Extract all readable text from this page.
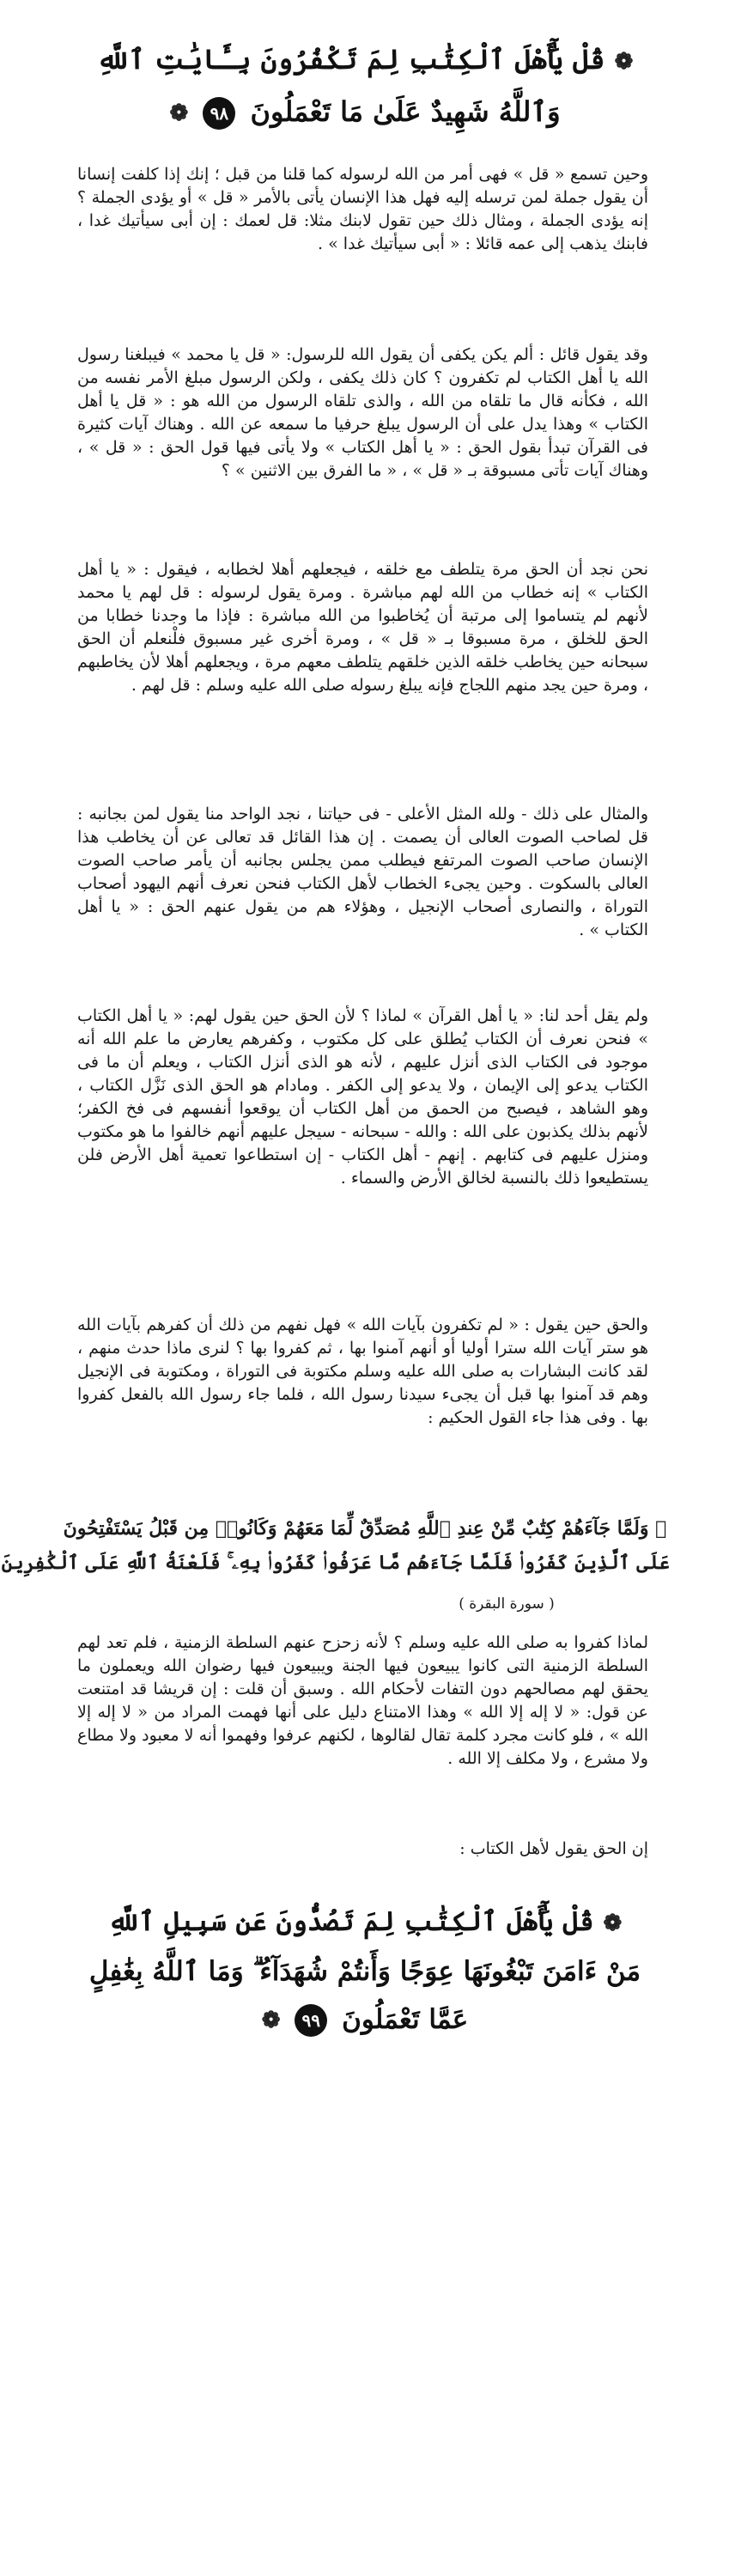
❁ قُلْ يَٰٓأَهْلَ ٱلْكِتَٰبِ لِمَ تَكْفُرُونَ بِـَٔايَٰتِ ٱللَّهِ
وَٱللَّهُ شَهِيدٌ عَلَىٰ مَا تَعْمَلُونَ ٩٨ ❁

وحين تسمع « قل » فهى أمر من الله لرسوله كما قلنا من قبل ؛ إنك إذا كلفت إنسانا أن يقول جملة لمن ترسله إليه فهل هذا الإنسان يأتى بالأمر « قل » أو يؤدى الجملة ؟ إنه يؤدى الجملة ، ومثال ذلك حين تقول لابنك مثلا: قل لعمك : إن أبى سيأتيك غدا ، فابنك يذهب إلى عمه قائلا : « أبى سيأتيك غدا » .

وقد يقول قائل : ألم يكن يكفى أن يقول الله للرسول: « قل يا محمد » فيبلغنا رسول الله يا أهل الكتاب لم تكفرون ؟ كان ذلك يكفى ، ولكن الرسول مبلغ الأمر نفسه من الله ، فكأنه قال ما تلقاه من الله ، والذى تلقاه الرسول من الله هو : « قل يا أهل الكتاب » وهذا يدل على أن الرسول يبلغ حرفيا ما سمعه عن الله . وهناك آيات كثيرة فى القرآن تبدأ بقول الحق : « يا أهل الكتاب » ولا يأتى فيها قول الحق : « قل » ، وهناك آيات تأتى مسبوقة بـ « قل » ، « ما الفرق بين الاثنين » ؟

نحن نجد أن الحق مرة يتلطف مع خلقه ، فيجعلهم أهلا لخطابه ، فيقول : « يا أهل الكتاب » إنه خطاب من الله لهم مباشرة . ومرة يقول لرسوله : قل لهم يا محمد لأنهم لم يتساموا إلى مرتبة أن يُخاطبوا من الله مباشرة : فإذا ما وجدنا خطابا من الحق للخلق ، مرة مسبوقا بـ « قل » ، ومرة أخرى غير مسبوق فلْنعلم أن الحق سبحانه حين يخاطب خلقه الذين خلقهم يتلطف معهم مرة ، ويجعلهم أهلا لأن يخاطبهم ، ومرة حين يجد منهم اللجاج فإنه يبلغ رسوله صلى الله عليه وسلم : قل لهم .

والمثال على ذلك - ولله المثل الأعلى - فى حياتنا ، نجد الواحد منا يقول لمن بجانبه : قل لصاحب الصوت العالى أن يصمت . إن هذا القائل قد تعالى عن أن يخاطب هذا الإنسان صاحب الصوت المرتفع فيطلب ممن يجلس بجانبه أن يأمر صاحب الصوت العالى بالسكوت . وحين يجىء الخطاب لأهل الكتاب فنحن نعرف أنهم اليهود أصحاب التوراة ، والنصارى أصحاب الإنجيل ، وهؤلاء هم من يقول عنهم الحق : « يا أهل الكتاب » .

ولم يقل أحد لنا: « يا أهل القرآن » لماذا ؟ لأن الحق حين يقول لهم: « يا أهل الكتاب » فنحن نعرف أن الكتاب يُطلق على كل مكتوب ، وكفرهم يعارض ما علم الله أنه موجود فى الكتاب الذى أنزل عليهم ، لأنه هو الذى أنزل الكتاب ، ويعلم أن ما فى الكتاب يدعو إلى الإيمان ، ولا يدعو إلى الكفر . ومادام هو الحق الذى نَزَّل الكتاب ، وهو الشاهد ، فيصبح من الحمق من أهل الكتاب أن يوقعوا أنفسهم فى فخ الكفر؛ لأنهم بذلك يكذبون على الله : والله - سبحانه - سيجل عليهم أنهم خالفوا ما هو مكتوب ومنزل عليهم فى كتابهم . إنهم - أهل الكتاب - إن استطاعوا تعمية أهل الأرض فلن يستطيعوا ذلك بالنسبة لخالق الأرض والسماء .

والحق حين يقول : « لم تكفرون بآيات الله » فهل نفهم من ذلك أن كفرهم بآيات الله هو ستر آيات الله سترا أوليا أو أنهم آمنوا بها ، ثم كفروا بها ؟ لنرى ماذا حدث منهم ، لقد كانت البشارات به صلى الله عليه وسلم مكتوبة فى التوراة ، ومكتوبة فى الإنجيل وهم قد آمنوا بها قبل أن يجىء سيدنا رسول الله ، فلما جاء رسول الله بالفعل كفروا بها . وفى هذا جاء القول الحكيم :

﴿ وَلَمَّا جَآءَهُمْ كِتَٰبٌ مِّنْ عِندِ ٱللَّهِ مُصَدِّقٌ لِّمَا مَعَهُمْ وَكَانُوا۟ مِن قَبْلُ يَسْتَفْتِحُونَ
عَلَى ٱلَّذِينَ كَفَرُوا۟ فَلَمَّا جَآءَهُم مَّا عَرَفُوا۟ كَفَرُوا۟ بِهِۦ ۚ فَلَعْنَةُ ٱللَّهِ عَلَى ٱلْكَٰفِرِينَ
( سورة البقرة )

لماذا كفروا به صلى الله عليه وسلم ؟ لأنه زحزح عنهم السلطة الزمنية ، فلم تعد لهم السلطة الزمنية التى كانوا يبيعون فيها الجنة ويبيعون فيها رضوان الله ويعملون ما يحقق لهم مصالحهم دون التفات لأحكام الله . وسبق أن قلت : إن قريشا قد امتنعت عن قول: « لا إله إلا الله » وهذا الامتناع دليل على أنها فهمت المراد من « لا إله إلا الله » ، فلو كانت مجرد كلمة تقال لقالوها ، لكنهم عرفوا وفهموا أنه لا معبود ولا مطاع ولا مشرع ، ولا مكلف إلا الله .

إن الحق يقول لأهل الكتاب :

❁ قُلْ يَٰٓأَهْلَ ٱلْكِتَٰبِ لِمَ تَصُدُّونَ عَن سَبِيلِ ٱللَّهِ
مَنْ ءَامَنَ تَبْغُونَهَا عِوَجًا وَأَنتُمْ شُهَدَآءُ ۗ وَمَا ٱللَّهُ بِغَٰفِلٍ
عَمَّا تَعْمَلُونَ ٩٩ ❁
